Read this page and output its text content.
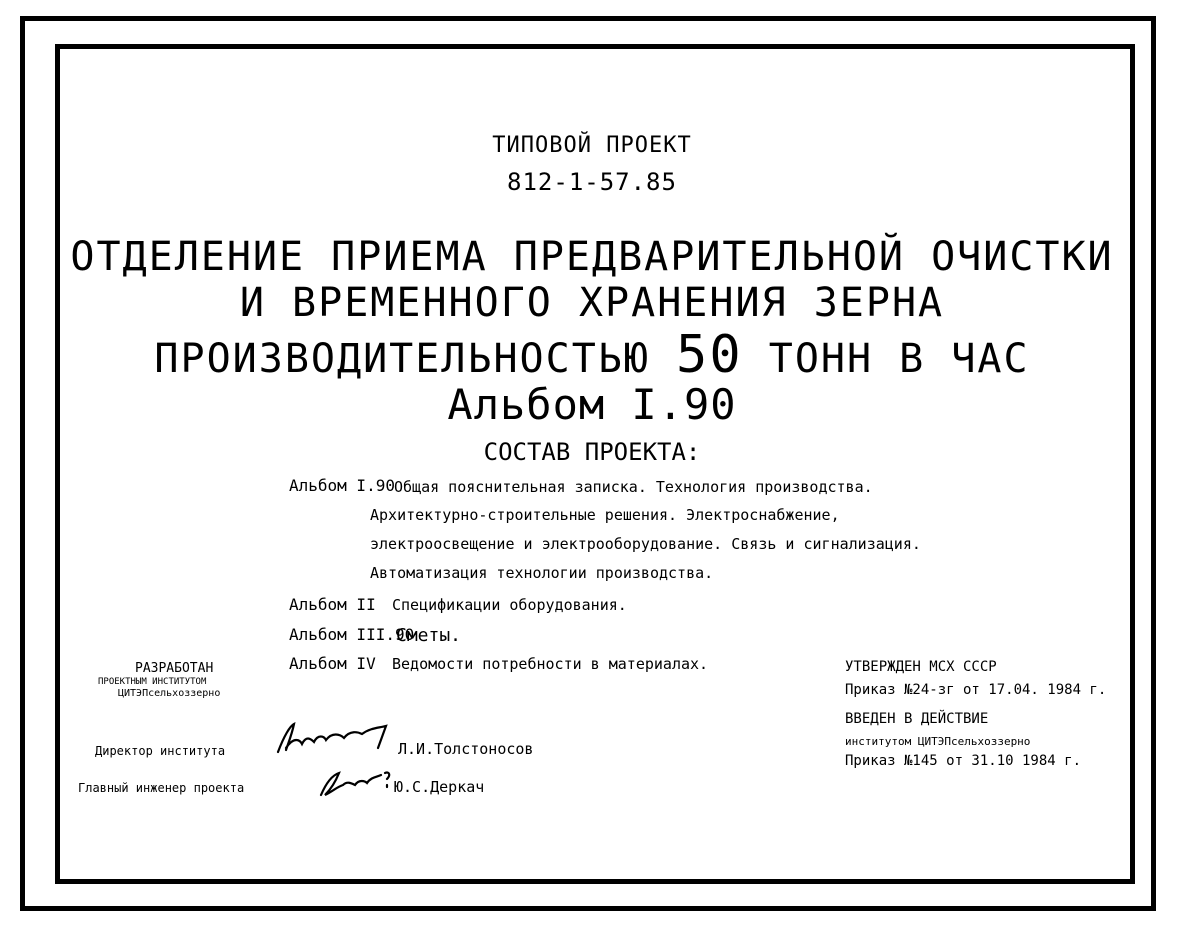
ТИПОВОЙ ПРОЕКТ
812-1-57.85
ОТДЕЛЕНИЕ ПРИЕМА ПРЕДВАРИТЕЛЬНОЙ ОЧИСТКИ
И ВРЕМЕННОГО ХРАНЕНИЯ ЗЕРНА
ПРОИЗВОДИТЕЛЬНОСТЬЮ 50 ТОНН В ЧАС
Альбом I.90
СОСТАВ ПРОЕКТА:
Альбом I.90 Общая пояснительная записка. Технология производства.
Архитектурно-строительные решения. Электроснабжение,
электроосвещение и электрооборудование. Связь и сигнализация.
Автоматизация технологии производства.
Альбом II Спецификации оборудования.
Альбом III.90
Сметы.
Альбом IV Ведомости потребности в материалах.
РАЗРАБОТАН
ПРОЕКТНЫМ ИНСТИТУТОМ
ЦИТЭПсельхоззерно
Директор института	Л.И.Толстоносов
Главный инженер проекта	Ю.С.Деркач
УТВЕРЖДЕН МСХ СССР
Приказ №24-зг от 17.04. 1984 г.
ВВЕДЕН В ДЕЙСТВИЕ
институтом ЦИТЭПсельхоззерно
Приказ №145 от 31.10 1984 г.
